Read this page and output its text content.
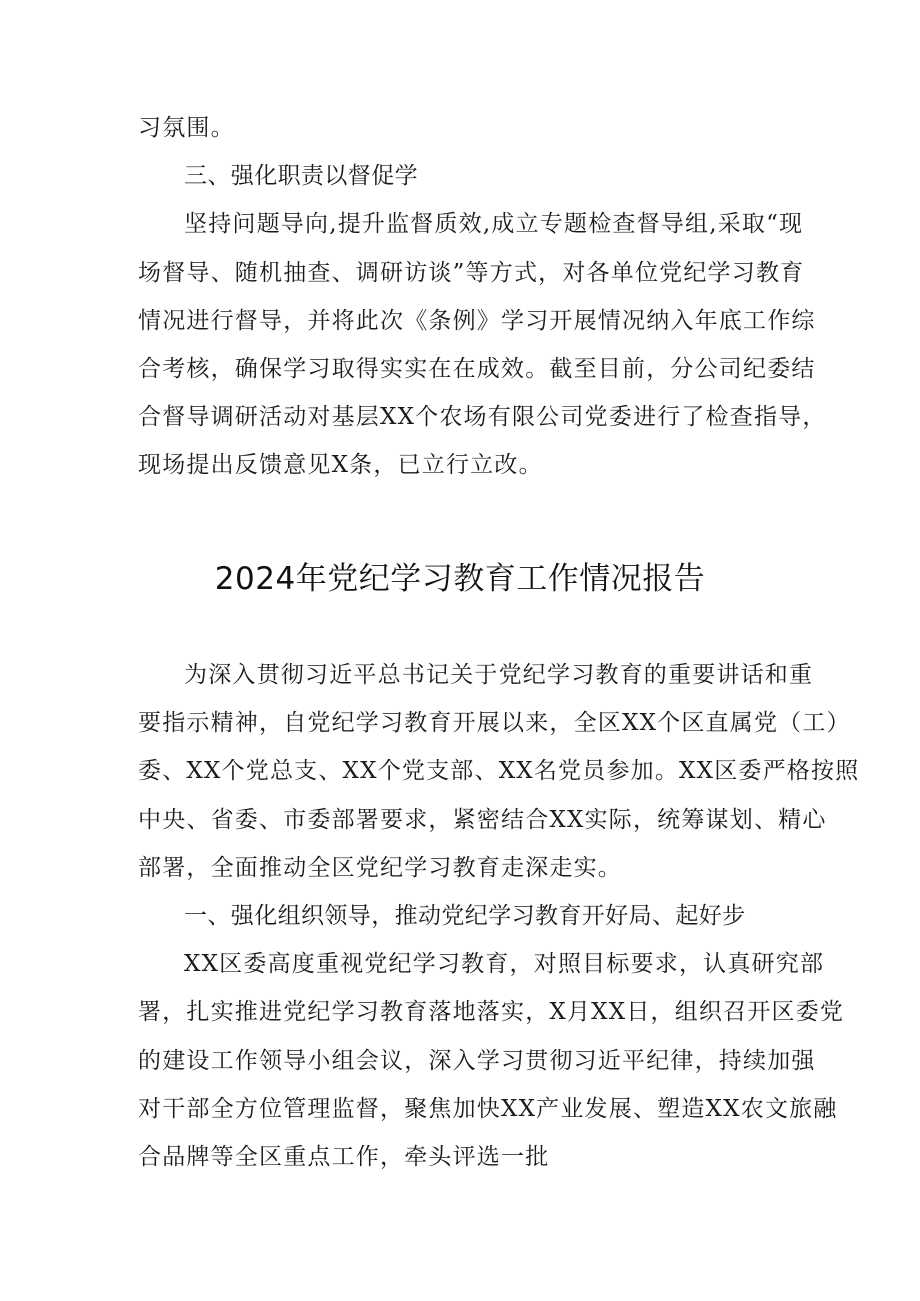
习氛围。
三、强化职责以督促学
坚持问题导向,提升监督质效,成立专题检查督导组,采取“现
场督导、随机抽查、调研访谈”等方式，对各单位党纪学习教育
情况进行督导，并将此次《条例》学习开展情况纳入年底工作综
合考核，确保学习取得实实在在成效。截至目前，分公司纪委结
合督导调研活动对基层XX个农场有限公司党委进行了检查指导，
现场提出反馈意见X条，已立行立改。
2024年党纪学习教育工作情况报告
为深入贯彻习近平总书记关于党纪学习教育的重要讲话和重
要指示精神，自党纪学习教育开展以来，全区XX个区直属党（工）
委、XX个党总支、XX个党支部、XX名党员参加。XX区委严格按照
中央、省委、市委部署要求，紧密结合XX实际，统筹谋划、精心
部署，全面推动全区党纪学习教育走深走实。
一、强化组织领导，推动党纪学习教育开好局、起好步
XX区委高度重视党纪学习教育，对照目标要求，认真研究部
署，扎实推进党纪学习教育落地落实，X月XX日，组织召开区委党
的建设工作领导小组会议，深入学习贯彻习近平纪律，持续加强
对干部全方位管理监督，聚焦加快XX产业发展、塑造XX农文旅融
合品牌等全区重点工作，牵头评选一批
